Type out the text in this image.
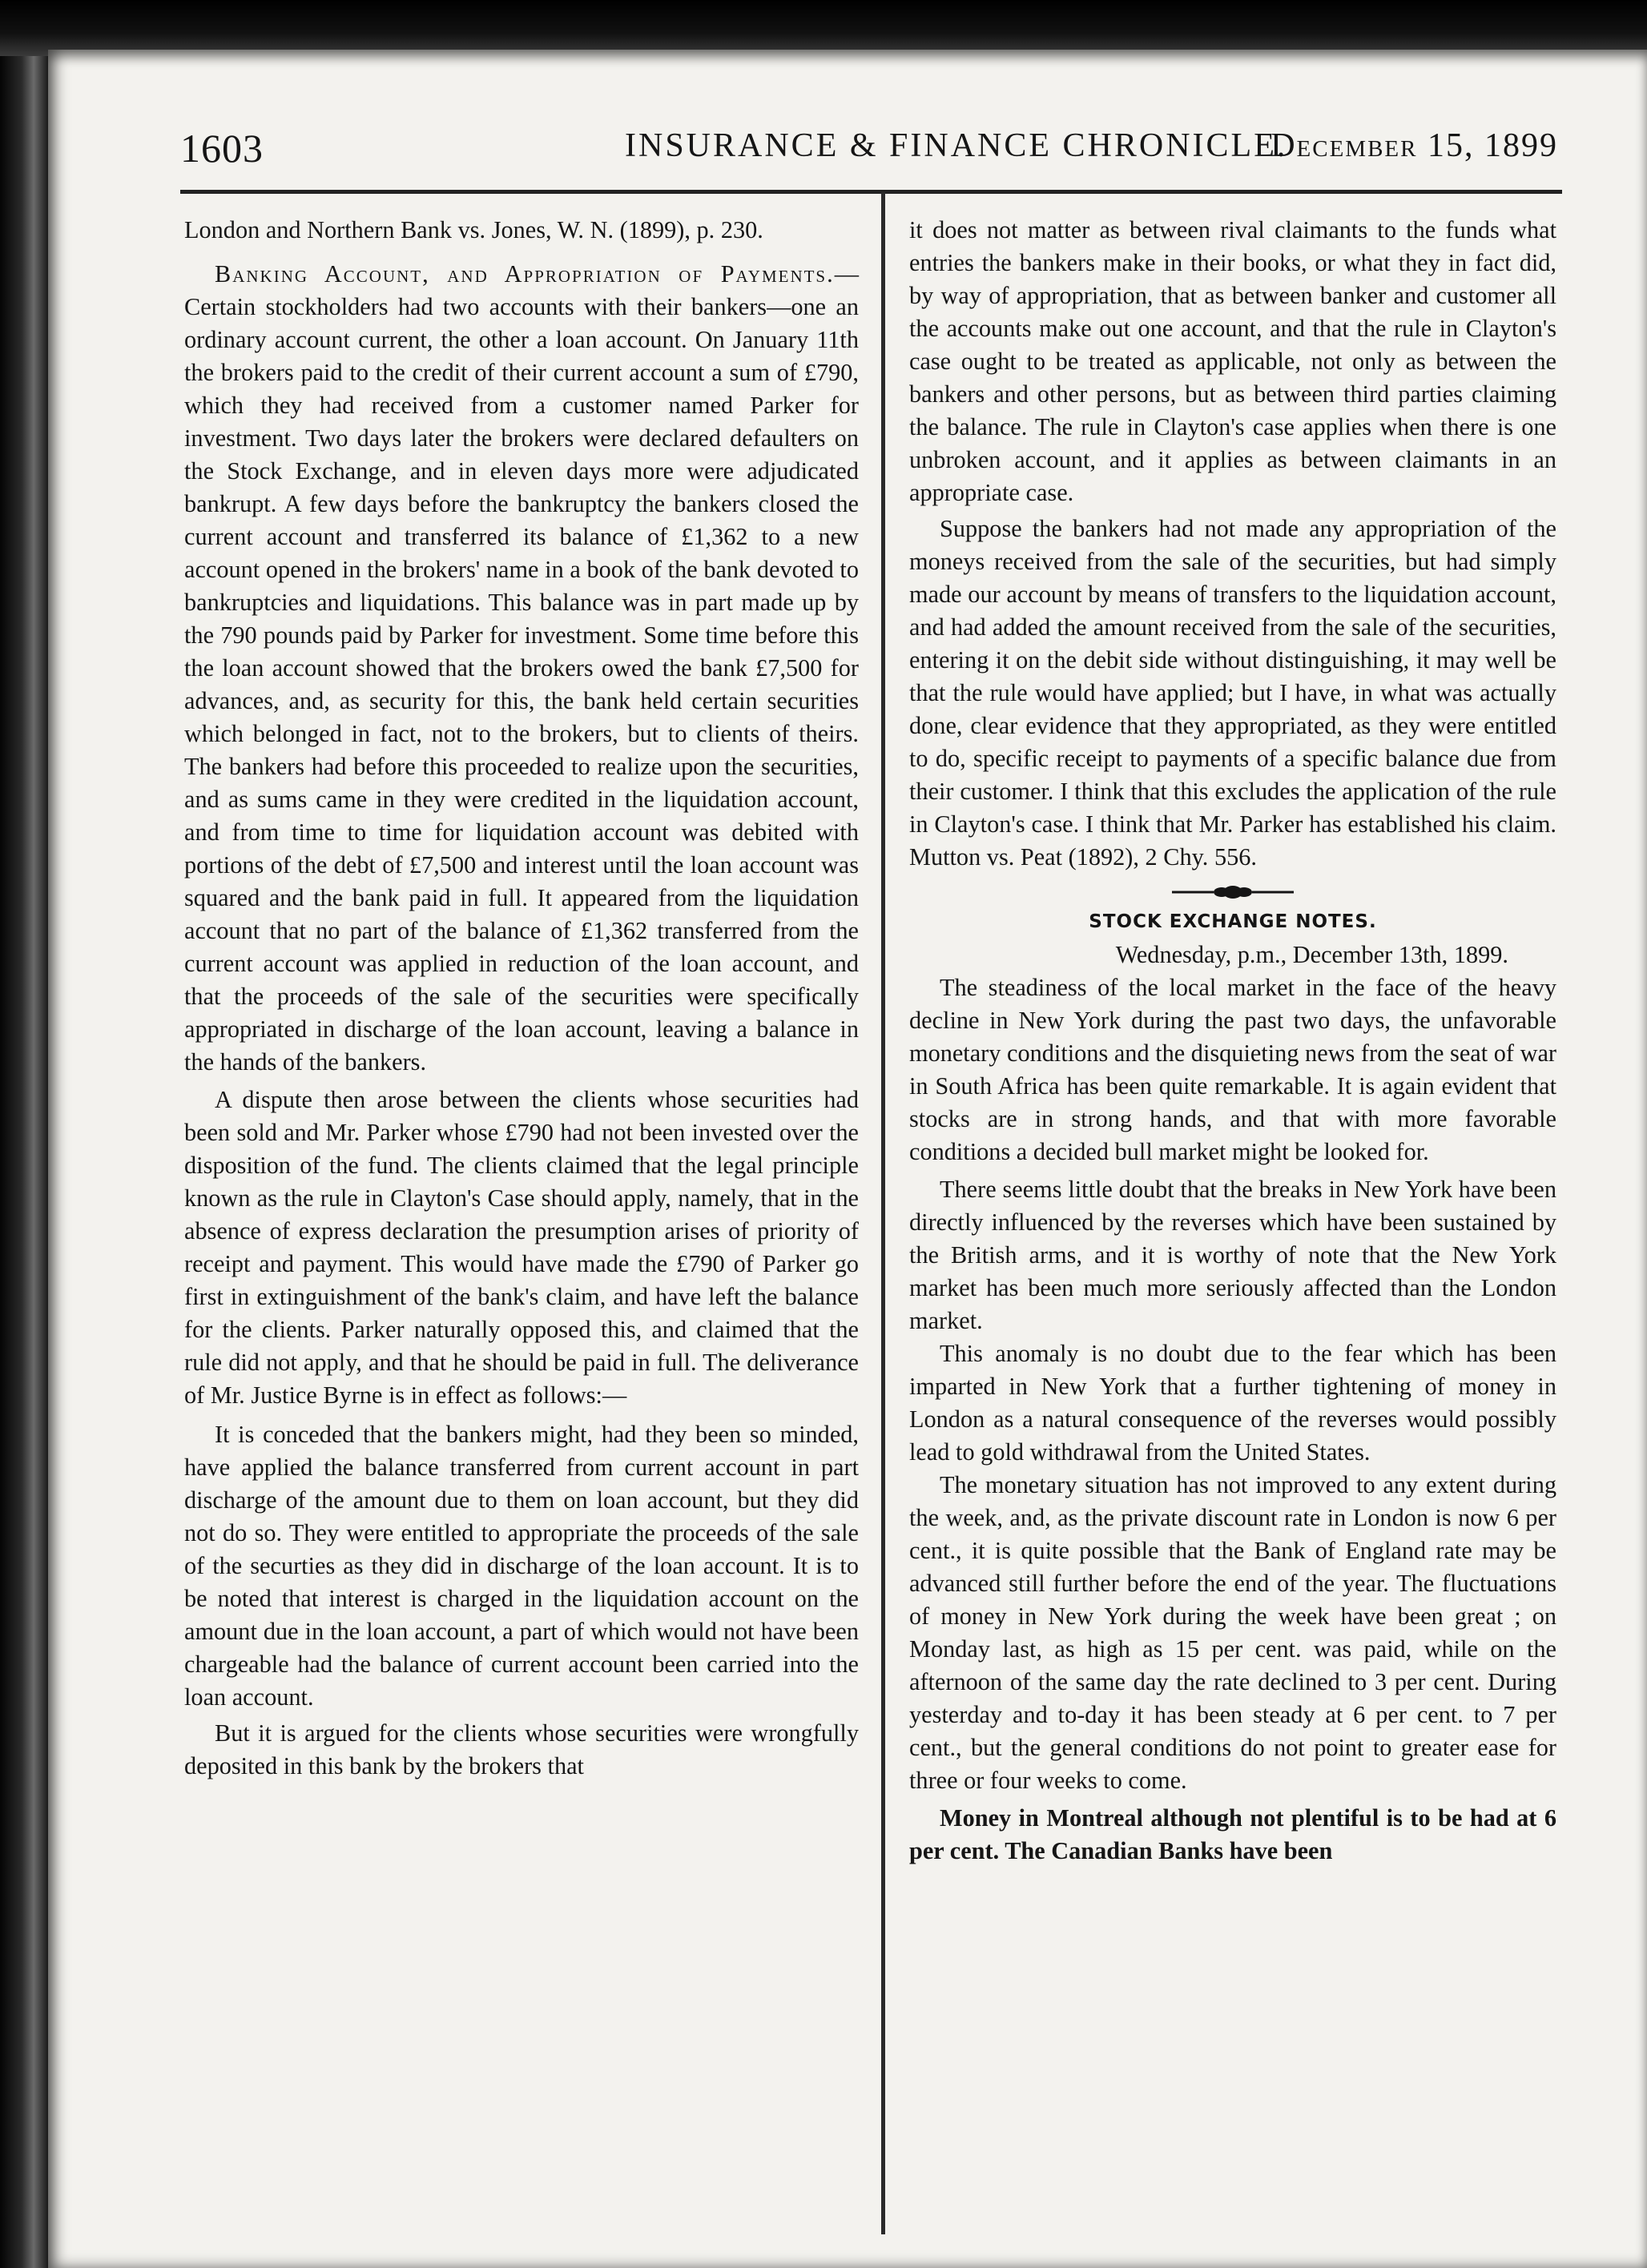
1603	INSURANCE & FINANCE CHRONICLE.
December 15, 1899

London and Northern Bank vs. Jones, W. N. (1899), p. 230.

Banking Account, and Appropriation of Payments.—Certain stockholders had two accounts with their bankers—one an ordinary account current, the other a loan account. On January 11th the brokers paid to the credit of their current account a sum of £790, which they had received from a customer named Parker for investment. Two days later the brokers were declared defaulters on the Stock Exchange, and in eleven days more were adjudicated bankrupt. A few days before the bankruptcy the bankers closed the current account and transferred its balance of £1,362 to a new account opened in the brokers' name in a book of the bank devoted to bankruptcies and liquidations. This balance was in part made up by the 790 pounds paid by Parker for investment. Some time before this the loan account showed that the brokers owed the bank £7,500 for advances, and, as security for this, the bank held certain securities which belonged in fact, not to the brokers, but to clients of theirs. The bankers had before this proceeded to realize upon the securities, and as sums came in they were credited in the liquidation account, and from time to time for liquidation account was debited with portions of the debt of £7,500 and interest until the loan account was squared and the bank paid in full. It appeared from the liquidation account that no part of the balance of £1,362 transferred from the current account was applied in reduction of the loan account, and that the proceeds of the sale of the securities were specifically appropriated in discharge of the loan account, leaving a balance in the hands of the bankers.

A dispute then arose between the clients whose securities had been sold and Mr. Parker whose £790 had not been invested over the disposition of the fund. The clients claimed that the legal principle known as the rule in Clayton's Case should apply, namely, that in the absence of express declaration the presumption arises of priority of receipt and payment. This would have made the £790 of Parker go first in extinguishment of the bank's claim, and have left the balance for the clients. Parker naturally opposed this, and claimed that the rule did not apply, and that he should be paid in full. The deliverance of Mr. Justice Byrne is in effect as follows:—

It is conceded that the bankers might, had they been so minded, have applied the balance transferred from current account in part discharge of the amount due to them on loan account, but they did not do so. They were entitled to appropriate the proceeds of the sale of the securties as they did in discharge of the loan account. It is to be noted that interest is charged in the liquidation account on the amount due in the loan account, a part of which would not have been chargeable had the balance of current account been carried into the loan account.

But it is argued for the clients whose securities were wrongfully deposited in this bank by the brokers that

it does not matter as between rival claimants to the funds what entries the bankers make in their books, or what they in fact did, by way of appropriation, that as between banker and customer all the accounts make out one account, and that the rule in Clayton's case ought to be treated as applicable, not only as between the bankers and other persons, but as between third parties claiming the balance. The rule in Clayton's case applies when there is one unbroken account, and it applies as between claimants in an appropriate case.

Suppose the bankers had not made any appropriation of the moneys received from the sale of the securities, but had simply made our account by means of transfers to the liquidation account, and had added the amount received from the sale of the securities, entering it on the debit side without distinguishing, it may well be that the rule would have applied; but I have, in what was actually done, clear evidence that they appropriated, as they were entitled to do, specific receipt to payments of a specific balance due from their customer. I think that this excludes the application of the rule in Clayton's case. I think that Mr. Parker has established his claim. Mutton vs. Peat (1892), 2 Chy. 556.

STOCK EXCHANGE NOTES.

Wednesday, p.m., December 13th, 1899.

The steadiness of the local market in the face of the heavy decline in New York during the past two days, the unfavorable monetary conditions and the disquieting news from the seat of war in South Africa has been quite remarkable. It is again evident that stocks are in strong hands, and that with more favorable conditions a decided bull market might be looked for.

There seems little doubt that the breaks in New York have been directly influenced by the reverses which have been sustained by the British arms, and it is worthy of note that the New York market has been much more seriously affected than the London market.

This anomaly is no doubt due to the fear which has been imparted in New York that a further tightening of money in London as a natural consequence of the reverses would possibly lead to gold withdrawal from the United States.

The monetary situation has not improved to any extent during the week, and, as the private discount rate in London is now 6 per cent., it is quite possible that the Bank of England rate may be advanced still further before the end of the year. The fluctuations of money in New York during the week have been great ; on Monday last, as high as 15 per cent. was paid, while on the afternoon of the same day the rate declined to 3 per cent. During yesterday and to-day it has been steady at 6 per cent. to 7 per cent., but the general conditions do not point to greater ease for three or four weeks to come.

Money in Montreal although not plentiful is to be had at 6 per cent. The Canadian Banks have been
